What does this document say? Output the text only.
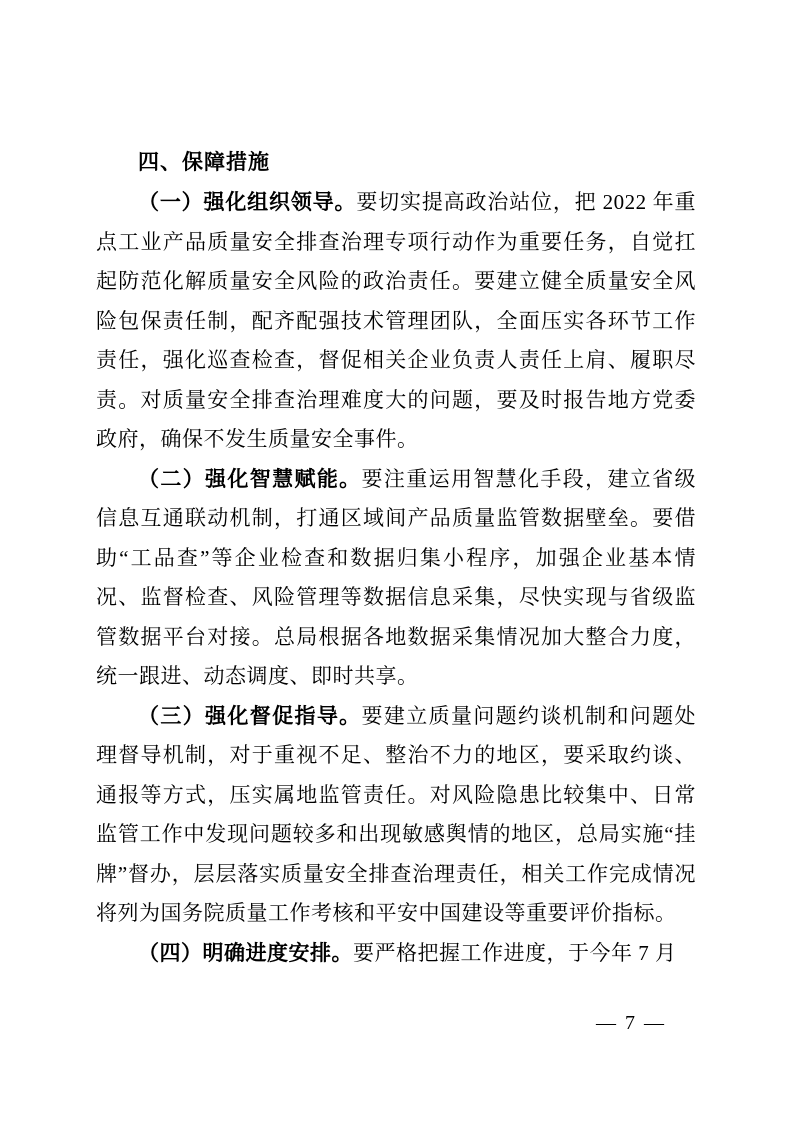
四、保障措施

（一）强化组织领导。要切实提高政治站位，把 2022 年重点工业产品质量安全排查治理专项行动作为重要任务，自觉扛起防范化解质量安全风险的政治责任。要建立健全质量安全风险包保责任制，配齐配强技术管理团队，全面压实各环节工作责任，强化巡查检查，督促相关企业负责人责任上肩、履职尽责。对质量安全排查治理难度大的问题，要及时报告地方党委政府，确保不发生质量安全事件。

（二）强化智慧赋能。要注重运用智慧化手段，建立省级信息互通联动机制，打通区域间产品质量监管数据壁垒。要借助“工品查”等企业检查和数据归集小程序，加强企业基本情况、监督检查、风险管理等数据信息采集，尽快实现与省级监管数据平台对接。总局根据各地数据采集情况加大整合力度，统一跟进、动态调度、即时共享。

（三）强化督促指导。要建立质量问题约谈机制和问题处理督导机制，对于重视不足、整治不力的地区，要采取约谈、通报等方式，压实属地监管责任。对风险隐患比较集中、日常监管工作中发现问题较多和出现敏感舆情的地区，总局实施“挂牌”督办，层层落实质量安全排查治理责任，相关工作完成情况将列为国务院质量工作考核和平安中国建设等重要评价指标。

（四）明确进度安排。要严格把握工作进度，于今年 7 月

— 7 —
